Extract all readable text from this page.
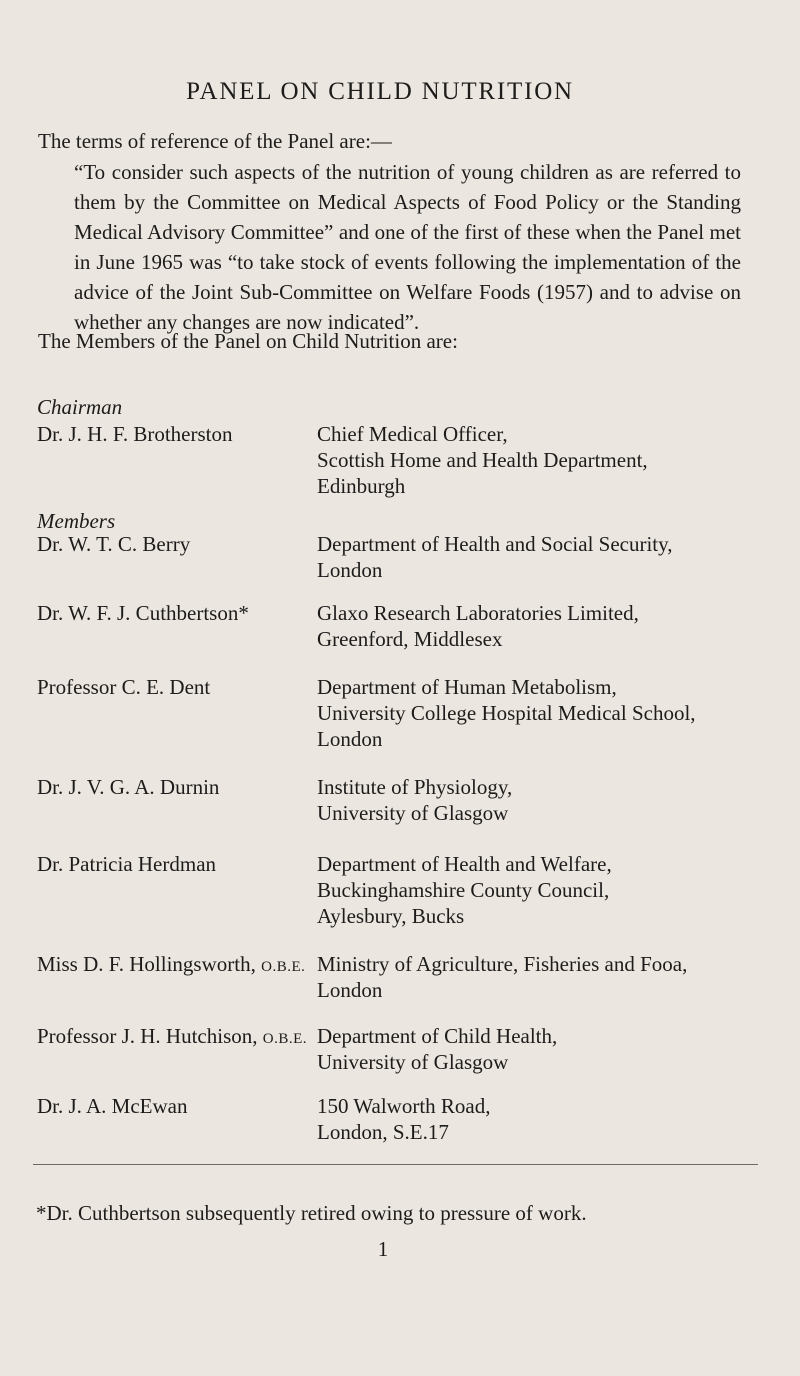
PANEL ON CHILD NUTRITION

The terms of reference of the Panel are:—

“To consider such aspects of the nutrition of young children as are referred to them by the Committee on Medical Aspects of Food Policy or the Standing Medical Advisory Committee” and one of the first of these when the Panel met in June 1965 was “to take stock of events following the implementation of the advice of the Joint Sub-Committee on Welfare Foods (1957) and to advise on whether any changes are now indicated”.

The Members of the Panel on Child Nutrition are:

Chairman
Dr. J. H. F. Brotherston	Chief Medical Officer,
Scottish Home and Health Department,
Edinburgh
Members
Dr. W. T. C. Berry	Department of Health and Social Security,
London
Dr. W. F. J. Cuthbertson*	Glaxo Research Laboratories Limited,
Greenford, Middlesex
Professor C. E. Dent	Department of Human Metabolism,
University College Hospital Medical School,
London
Dr. J. V. G. A. Durnin	Institute of Physiology,
University of Glasgow
Dr. Patricia Herdman	Department of Health and Welfare,
Buckinghamshire County Council,
Aylesbury, Bucks
Miss D. F. Hollingsworth, O.B.E. Ministry of Agriculture, Fisheries and Fooa,
London
Professor J. H. Hutchison, O.B.E. Department of Child Health,
University of Glasgow
Dr. J. A. McEwan	150 Walworth Road,
London, S.E.17

*Dr. Cuthbertson subsequently retired owing to pressure of work.

1
